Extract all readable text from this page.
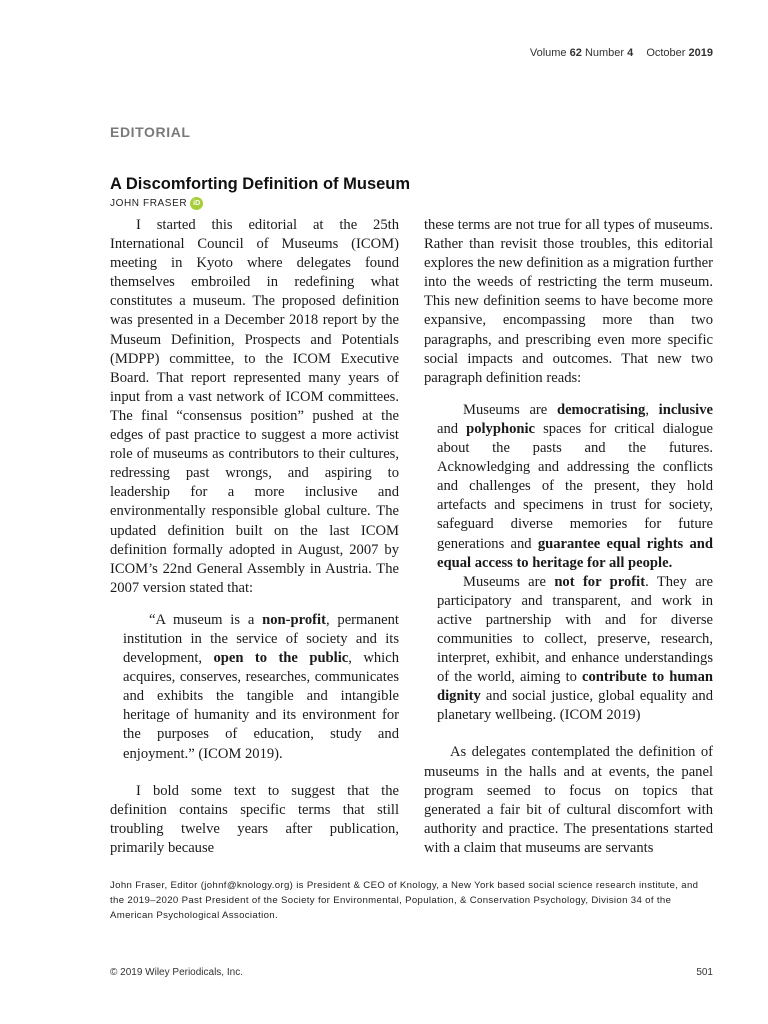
Volume 62 Number 4 October 2019
EDITORIAL
A Discomforting Definition of Museum
JOHN FRASER iD

I started this editorial at the 25th International Council of Museums (ICOM) meeting in Kyoto where delegates found themselves embroiled in redefining what constitutes a museum. The proposed definition was presented in a December 2018 report by the Museum Definition, Prospects and Potentials (MDPP) committee, to the ICOM Executive Board. That report represented many years of input from a vast network of ICOM committees. The final “consensus position” pushed at the edges of past practice to suggest a more activist role of museums as contributors to their cultures, redressing past wrongs, and aspiring to leadership for a more inclusive and environmentally responsible global culture. The updated definition built on the last ICOM definition formally adopted in August, 2007 by ICOM’s 22nd General Assembly in Austria. The 2007 version stated that:

“A museum is a non-profit, permanent institution in the service of society and its development, open to the public, which acquires, conserves, researches, communicates and exhibits the tangible and intangible heritage of humanity and its environment for the purposes of education, study and enjoyment.” (ICOM 2019).

I bold some text to suggest that the definition contains specific terms that still troubling twelve years after publication, primarily because

these terms are not true for all types of museums. Rather than revisit those troubles, this editorial explores the new definition as a migration further into the weeds of restricting the term museum. This new definition seems to have become more expansive, encompassing more than two paragraphs, and prescribing even more specific social impacts and outcomes. That new two paragraph definition reads:

Museums are democratising, inclusive and polyphonic spaces for critical dialogue about the pasts and the futures. Acknowledging and addressing the conflicts and challenges of the present, they hold artefacts and specimens in trust for society, safeguard diverse memories for future generations and guarantee equal rights and equal access to heritage for all people.

Museums are not for profit. They are participatory and transparent, and work in active partnership with and for diverse communities to collect, preserve, research, interpret, exhibit, and enhance understandings of the world, aiming to contribute to human dignity and social justice, global equality and planetary wellbeing. (ICOM 2019)

As delegates contemplated the definition of museums in the halls and at events, the panel program seemed to focus on topics that generated a fair bit of cultural discomfort with authority and practice. The presentations started with a claim that museums are servants

John Fraser, Editor (johnf@knology.org) is President & CEO of Knology, a New York based social science research institute, and the 2019–2020 Past President of the Society for Environmental, Population, & Conservation Psychology, Division 34 of the American Psychological Association.
© 2019 Wiley Periodicals, Inc.	501
